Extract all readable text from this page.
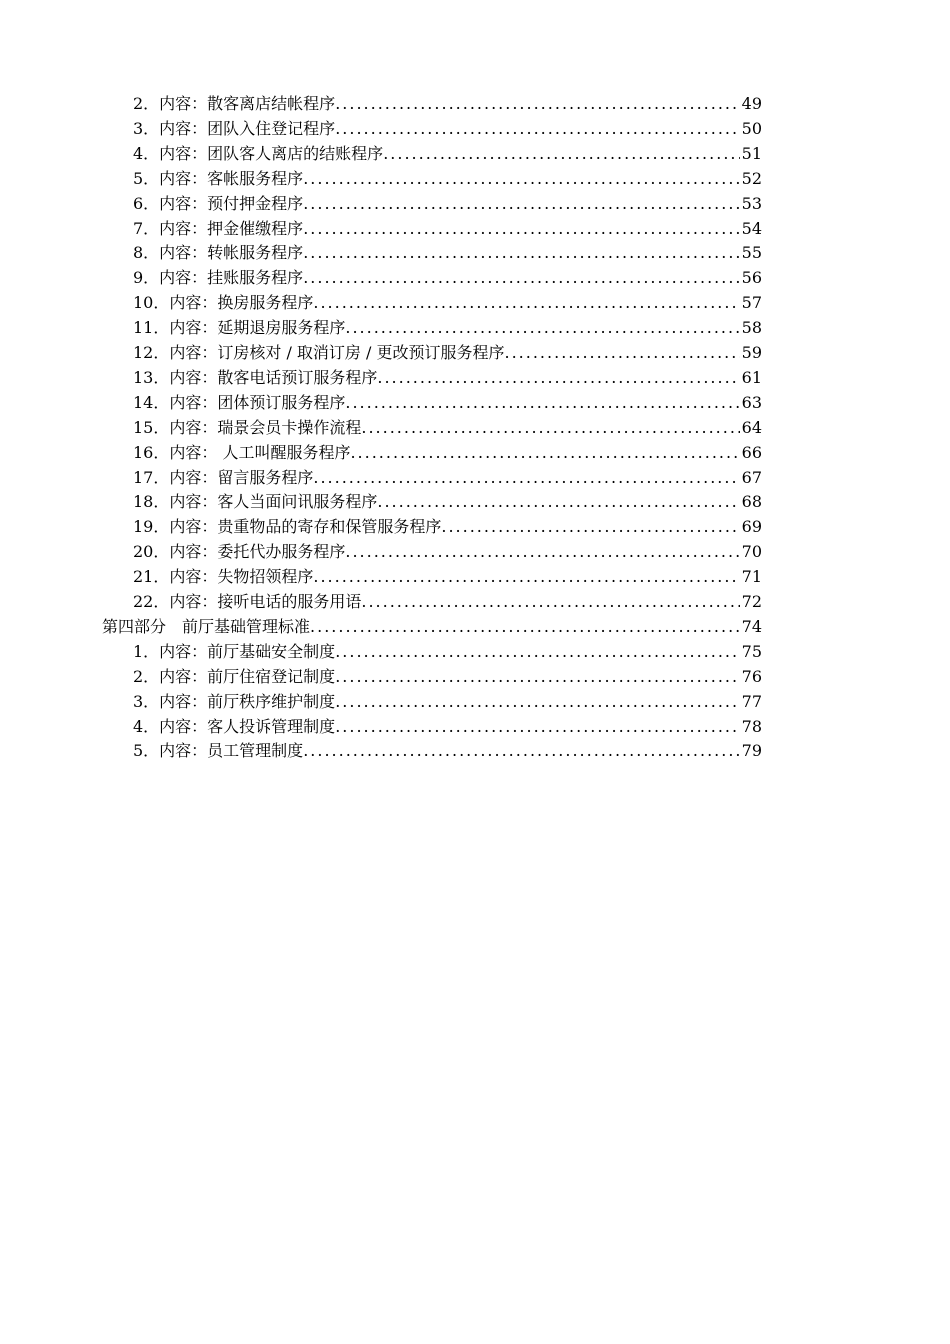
2．内容：散客离店结帐程序 .....	49
3．内容：团队入住登记程序 .....	50
4．内容：团队客人离店的结账程序 .....	51
5．内容：客帐服务程序 .....	52
6．内容：预付押金程序 .....	53
7．内容：押金催缴程序 .....	54
8．内容：转帐服务程序 .....	55
9．内容：挂账服务程序 .....	56
10．内容：换房服务程序 .....	57
11．内容：延期退房服务程序 .....	58
12．内容：订房核对 / 取消订房 / 更改预订服务程序 .....	59
13．内容：散客电话预订服务程序 .....	61
14．内容：团体预订服务程序 .....	63
15．内容：瑞景会员卡操作流程 .....	64
16．内容： 人工叫醒服务程序 .....	66
17．内容：留言服务程序 .....	67
18．内容：客人当面问讯服务程序 .....	68
19．内容：贵重物品的寄存和保管服务程序 .....	69
20．内容：委托代办服务程序 .....	70
21．内容：失物招领程序 .....	71
22．内容：接听电话的服务用语 .....	72
第四部分　前厅基础管理标准 .....	74
1．内容：前厅基础安全制度 .....	75
2．内容：前厅住宿登记制度 .....	76
3．内容：前厅秩序维护制度 .....	77
4．内容：客人投诉管理制度 .....	78
5．内容：员工管理制度 .....	79
